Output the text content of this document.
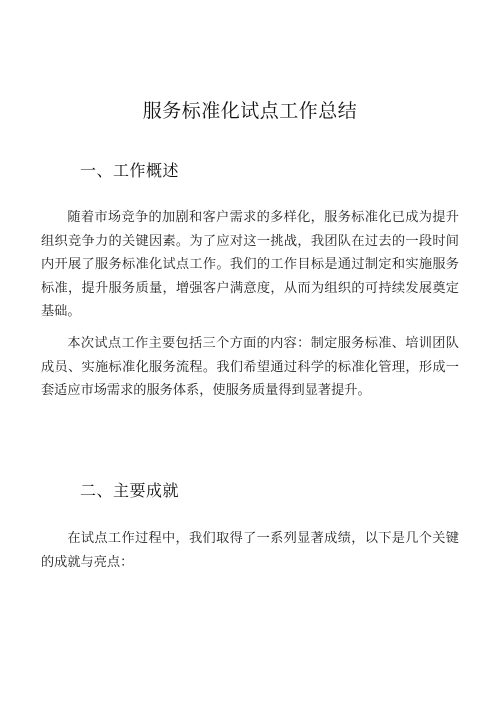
服务标准化试点工作总结
一、工作概述

随着市场竞争的加剧和客户需求的多样化，服务标准化已成为提升组织竞争力的关键因素。为了应对这一挑战，我团队在过去的一段时间内开展了服务标准化试点工作。我们的工作目标是通过制定和实施服务标准，提升服务质量，增强客户满意度，从而为组织的可持续发展奠定基础。

本次试点工作主要包括三个方面的内容：制定服务标准、培训团队成员、实施标准化服务流程。我们希望通过科学的标准化管理，形成一套适应市场需求的服务体系，使服务质量得到显著提升。

二、主要成就

在试点工作过程中，我们取得了一系列显著成绩，以下是几个关键的成就与亮点：
